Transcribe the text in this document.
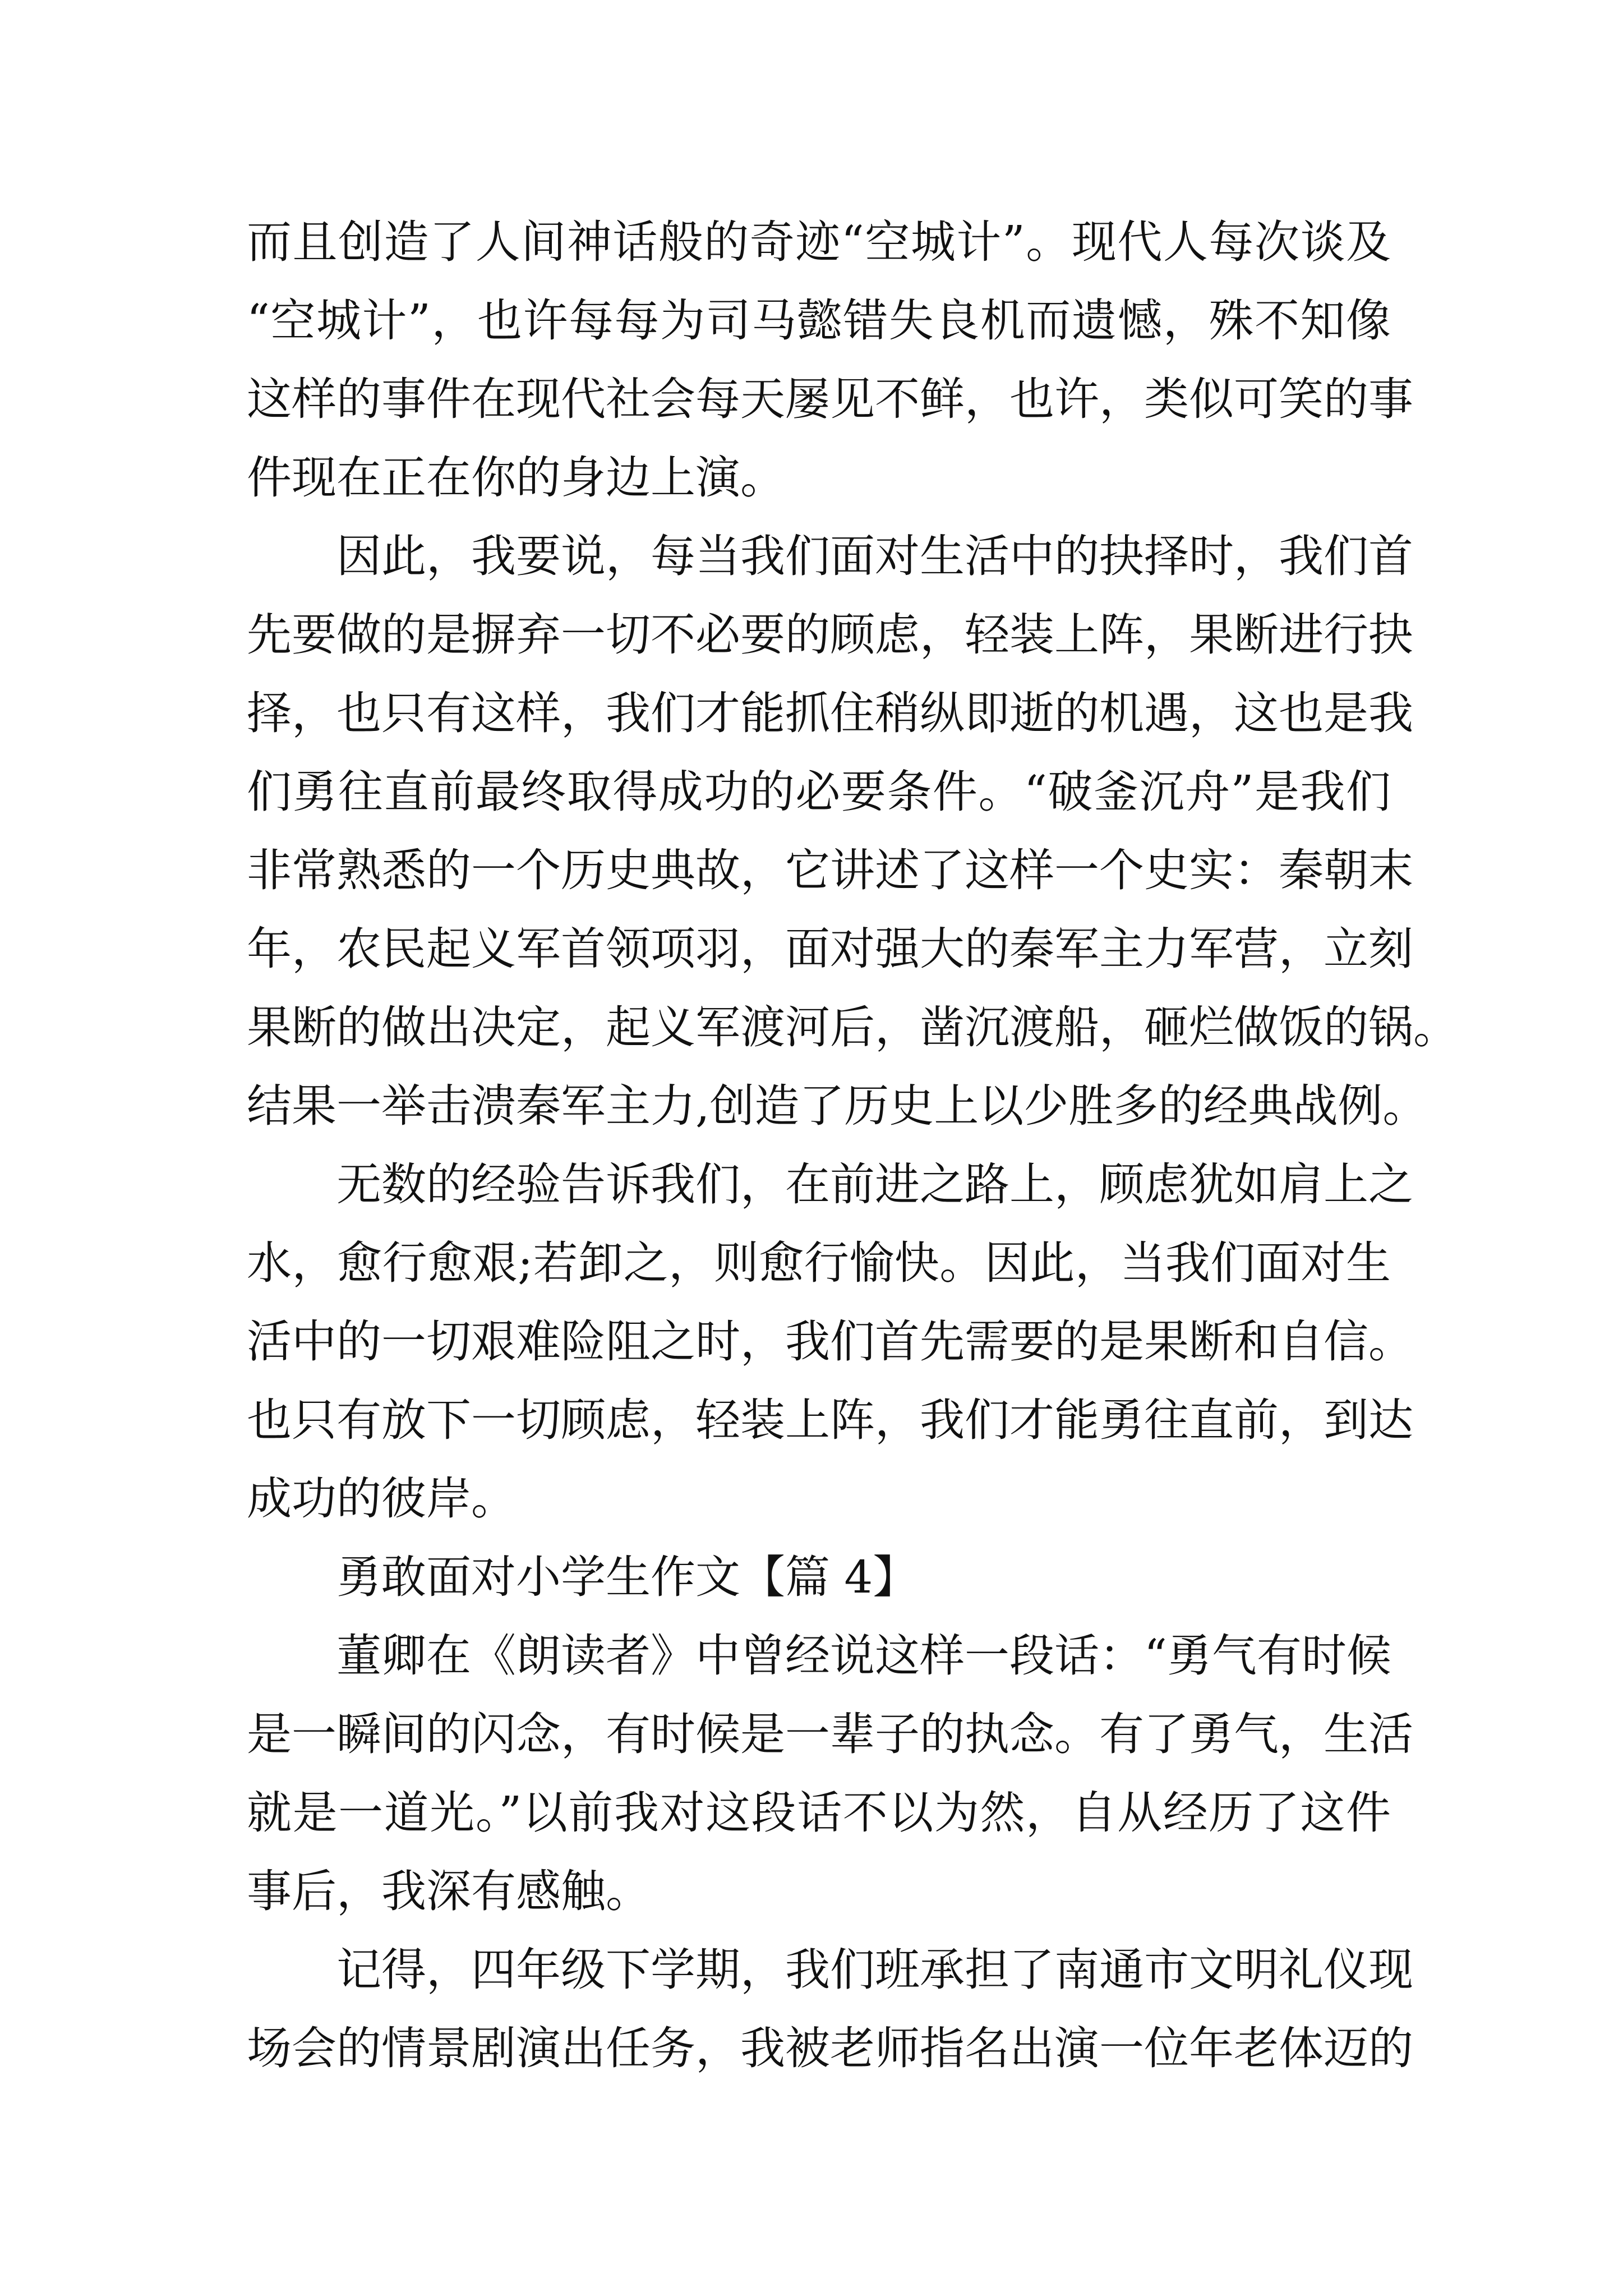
而且创造了人间神话般的奇迹“空城计”。现代人每次谈及
“空城计”，也许每每为司马懿错失良机而遗憾，殊不知像
这样的事件在现代社会每天屡见不鲜，也许，类似可笑的事
件现在正在你的身边上演。
因此，我要说，每当我们面对生活中的抉择时，我们首
先要做的是摒弃一切不必要的顾虑，轻装上阵，果断进行抉
择，也只有这样，我们才能抓住稍纵即逝的机遇，这也是我
们勇往直前最终取得成功的必要条件。“破釜沉舟”是我们
非常熟悉的一个历史典故，它讲述了这样一个史实：秦朝末
年，农民起义军首领项羽，面对强大的秦军主力军营，立刻
果断的做出决定，起义军渡河后，凿沉渡船，砸烂做饭的锅。
结果一举击溃秦军主力,创造了历史上以少胜多的经典战例。
无数的经验告诉我们，在前进之路上，顾虑犹如肩上之
水，愈行愈艰;若卸之，则愈行愉快。因此，当我们面对生
活中的一切艰难险阻之时，我们首先需要的是果断和自信。
也只有放下一切顾虑，轻装上阵，我们才能勇往直前，到达
成功的彼岸。
勇敢面对小学生作文【篇 4】
董卿在《朗读者》中曾经说这样一段话：“勇气有时候
是一瞬间的闪念，有时候是一辈子的执念。有了勇气，生活
就是一道光。”以前我对这段话不以为然，自从经历了这件
事后，我深有感触。
记得，四年级下学期，我们班承担了南通市文明礼仪现
场会的情景剧演出任务，我被老师指名出演一位年老体迈的
